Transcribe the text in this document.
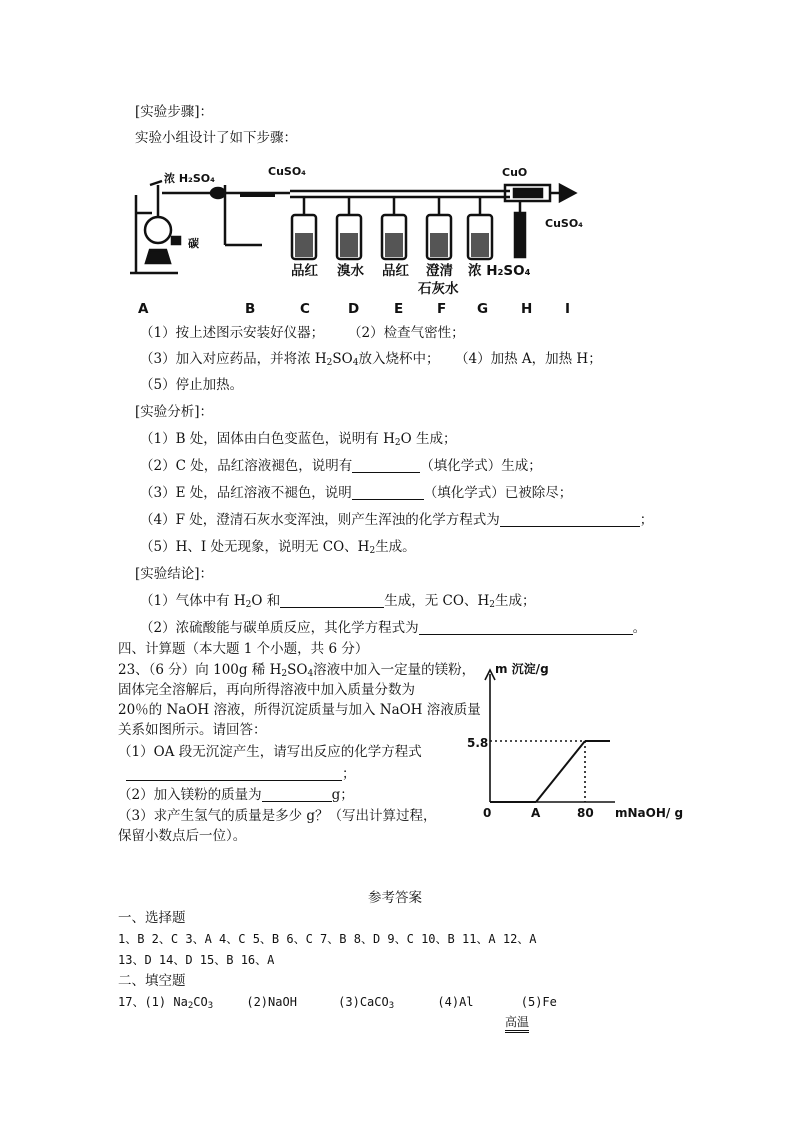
[实验步骤]：
实验小组设计了如下步骤：
浓 H₂SO₄
CuSO₄	CuO
CuSO₄
碳
品红 溴水 品红 澄清
石灰水
浓 H₂SO₄
A	B	C	D	E	F G H I
（1）按上述图示安装好仪器； （2）检查气密性；
（3）加入对应药品，并将浓 $H_2SO_4$放入烧杯中； （4）加热 A，加热 H；
（5）停止加热。
[实验分析]：
（1）B 处，固体由白色变蓝色，说明有 $H_2O$ 生成；
（2）C 处，品红溶液褪色，说明有	（填化学式）生成；
（3）E 处，品红溶液不褪色，说明	（填化学式）已被除尽；
（4）F 处，澄清石灰水变浑浊，则产生浑浊的化学方程式为	；
（5）H、I 处无现象，说明无 CO、$H_2$生成。
[实验结论]：
（1）气体中有 $H_2O$ 和	生成，无 CO、$H_2$生成；
（2）浓硫酸能与碳单质反应，其化学方程式为	。
四、计算题（本大题 1 个小题，共 6 分）
23、（6 分）向 100g 稀 $H_2SO_4$溶液中加入一定量的镁粉，
固体完全溶解后，再向所得溶液中加入质量分数为
20％的 NaOH 溶液，所得沉淀质量与加入 NaOH 溶液质量
关系如图所示。请回答：
（1）OA 段无沉淀产生，请写出反应的化学方程式
；
（2）加入镁粉的质量为	g；
（3）求产生氢气的质量是多少 g？（写出计算过程，
保留小数点后一位）。
m 沉淀/g
5.8
0	A	80 mNaOH/ g
参考答案
一、选择题
1、B 2、C 3、A 4、C 5、B 6、C 7、B 8、D 9、C 10、B 11、A 12、A
13、D 14、D 15、B 16、A
二、填空题
17、(1) $Na_2CO_3$	(2)NaOH	(3)CaCO$_3$	(4)Al	(5)Fe
高温
